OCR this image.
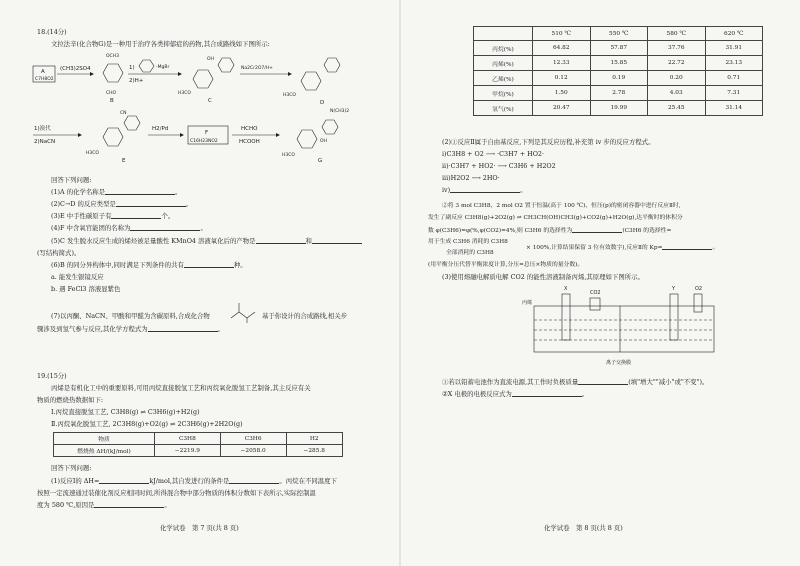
18.(14分)
文拉法辛(化合物G)是一种用于治疗各类抑郁症的药物,其合成路线如下图所示:
A
C7H8O2
(CH3)2SO4
OCH3
CHO
B
1)	-MgBr
2)H+
OH
H3CO
C
Na2Cr2O7/H+
H3CO
D
1)溴代
2)NaCN
CN
H3CO
E
H2/Pd
F
C16H23NO2
HCHO
HCOOH
N(CH3)2
OH
H3CO
G
回答下列问题:
(1)A 的化学名称是	。
(2)C→D 的反应类型是	。
(3)E 中手性碳原子有	个。
(4)F 中含氧官能团的名称为	。
(5)C 发生脱水反应生成的烯烃被足量酸性 KMnO4 溶液氧化后的产物是	和
(写结构简式)。
(6)B 的同分异构体中,同时满足下列条件的共有	种。
a. 能发生银镜反应
b. 遇 FeCl3 溶液显紫色
(7)以丙酮、NaCN、甲酸和甲醛为含碳原料,合成化合物	基于你设计的合成路线,相关步
骤涉及到氢气参与反应,其化学方程式为	。
19.(15分)
丙烯是有机化工中的重要原料,可用丙烷直接脱氢工艺和丙烷氧化脱氢工艺制备,其主反应有关
物质的燃烧热数据如下:
Ⅰ.丙烷直接脱氢工艺, C3H8(g) ⇌ C3H6(g)+H2(g)
Ⅱ.丙烷氧化脱氢工艺, 2C3H8(g)+O2(g) ⇌ 2C3H6(g)+2H2O(g)
物质	C3H8	C3H6	H2
燃烧热 ΔH/(kJ/mol)	−2219.9	−2058.0	−285.8
回答下列问题:
(1)反应Ⅰ的 ΔH=	kJ/mol,其自发进行的条件是	。丙烷在不同温度下
按照一定流速通过装催化剂反应相同时间,所得混合物中部分物质的体积分数如下表所示,实际控制温
度为 580 ℃,原因是	。
化学试卷　第 7 页(共 8 页)
	510 ℃	550 ℃	580 ℃	620 ℃
丙烷(%)	64.82	57.87	37.76	31.91
丙烯(%)	12.33	15.85	22.72	23.13
乙烯(%)	0.12	0.19	0.20	0.71
甲烷(%)	1.50	2.78	4.03	7.31
氢气(%)	20.47	19.99	25.45	31.14
(2)①反应Ⅱ属于自由基反应,下列是其反应历程,补充第 iv 步的反应方程式。
i)C3H8 + O2 ⟶ ·C3H7 + HO2·
ii)·C3H7 + HO2· ⟶ C3H6 + H2O2
iii)H2O2 ⟶ 2HO·
iv)	。
②将 3 mol C3H8、2 mol O2 置于恒温(高于 100 ℃)、恒压(p)的密闭容器中进行反应Ⅱ时,
发生了副反应 C3H8(g)+2O2(g) ⇌ CH3CH(OH)CH3(g)+CO2(g)+H2O(g),达平衡时的体积分
数 φ(C3H6)=φ(%,φ(CO2)=4%,则 C3H6 的选择性为	(C3H6 的选择性=
用于生成 C3H6 消耗的 C3H8
× 100%,计算结果保留 3 位有效数字),反应Ⅱ的 Kp=	。
全部消耗的 C3H8
(用平衡分压代替平衡浓度计算,分压=总压×物质的量分数)。
(3)使用熔融电解质电解 CO2 的能性溶液制备丙烯,其原理如下图所示。
丙烯
X	Y
CO2
O2
离子交换膜
①若以铅蓄电池作为直流电源,其工作时负极质量	(填"增大""减小"或"不变")。
②X 电极的电极反应式为	。
化学试卷　第 8 页(共 8 页)
